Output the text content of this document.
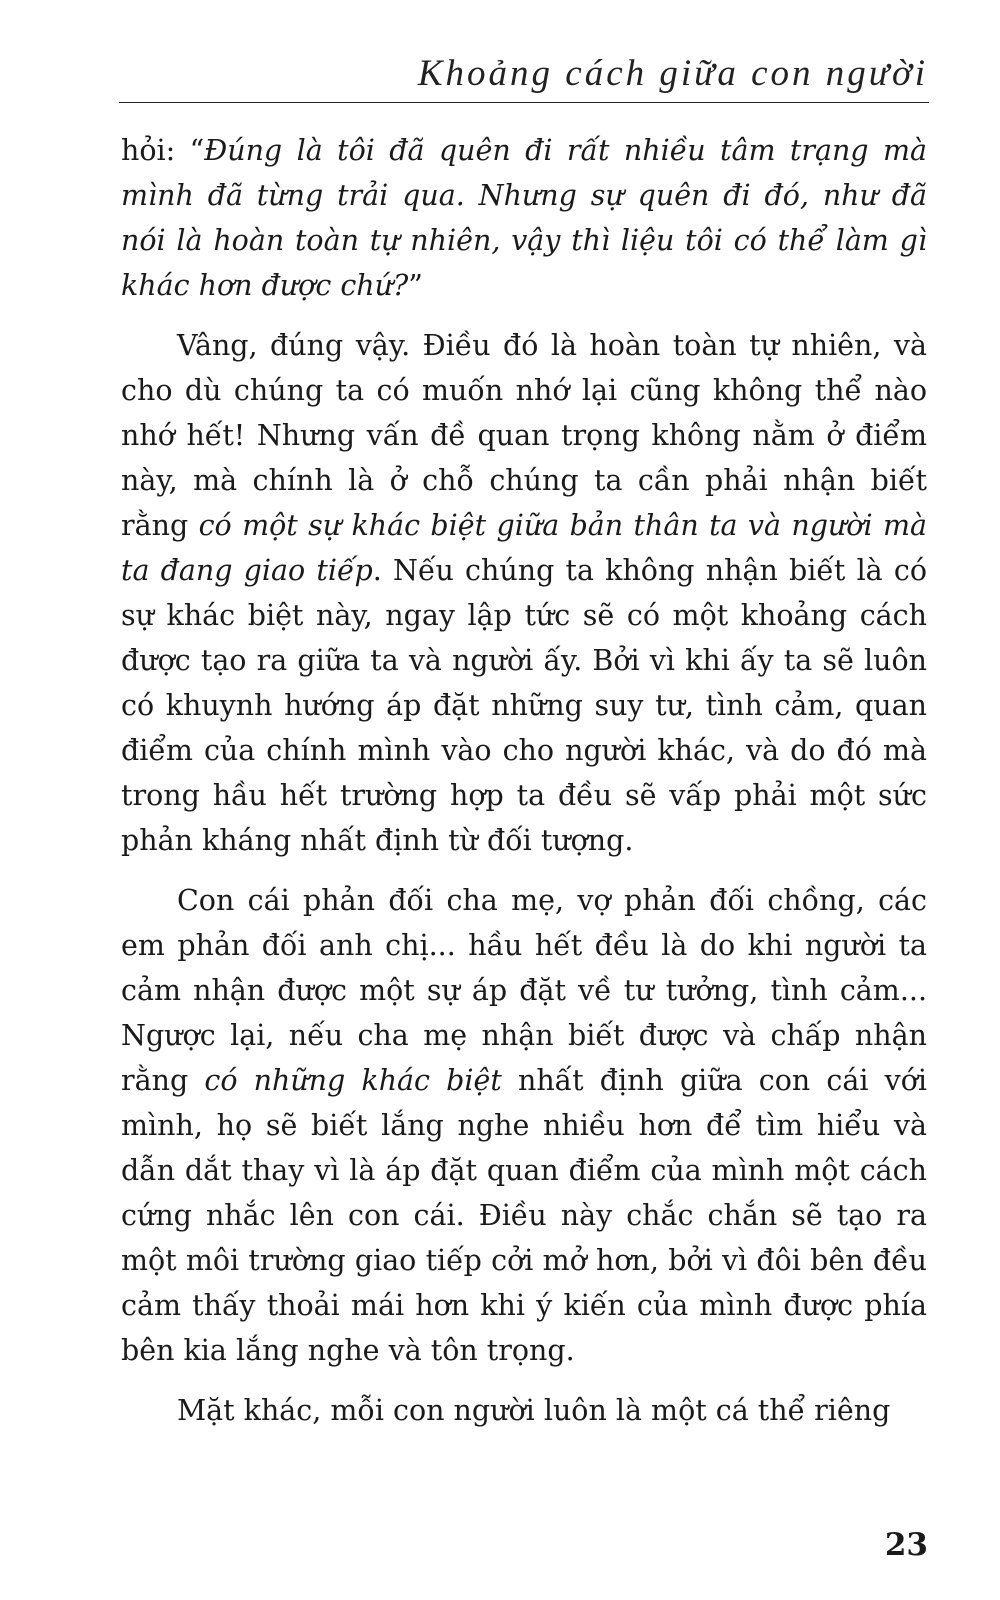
Khoảng cách giữa con người

hỏi: “Đúng là tôi đã quên đi rất nhiều tâm trạng mà mình đã từng trải qua. Nhưng sự quên đi đó, như đã nói là hoàn toàn tự nhiên, vậy thì liệu tôi có thể làm gì khác hơn được chứ?”

Vâng, đúng vậy. Điều đó là hoàn toàn tự nhiên, và cho dù chúng ta có muốn nhớ lại cũng không thể nào nhớ hết! Nhưng vấn đề quan trọng không nằm ở điểm này, mà chính là ở chỗ chúng ta cần phải nhận biết rằng có một sự khác biệt giữa bản thân ta và người mà ta đang giao tiếp. Nếu chúng ta không nhận biết là có sự khác biệt này, ngay lập tức sẽ có một khoảng cách được tạo ra giữa ta và người ấy. Bởi vì khi ấy ta sẽ luôn có khuynh hướng áp đặt những suy tư, tình cảm, quan điểm của chính mình vào cho người khác, và do đó mà trong hầu hết trường hợp ta đều sẽ vấp phải một sức phản kháng nhất định từ đối tượng.

Con cái phản đối cha mẹ, vợ phản đối chồng, các em phản đối anh chị... hầu hết đều là do khi người ta cảm nhận được một sự áp đặt về tư tưởng, tình cảm... Ngược lại, nếu cha mẹ nhận biết được và chấp nhận rằng có những khác biệt nhất định giữa con cái với mình, họ sẽ biết lắng nghe nhiều hơn để tìm hiểu và dẫn dắt thay vì là áp đặt quan điểm của mình một cách cứng nhắc lên con cái. Điều này chắc chắn sẽ tạo ra một môi trường giao tiếp cởi mở hơn, bởi vì đôi bên đều cảm thấy thoải mái hơn khi ý kiến của mình được phía bên kia lắng nghe và tôn trọng.

Mặt khác, mỗi con người luôn là một cá thể riêng

23
